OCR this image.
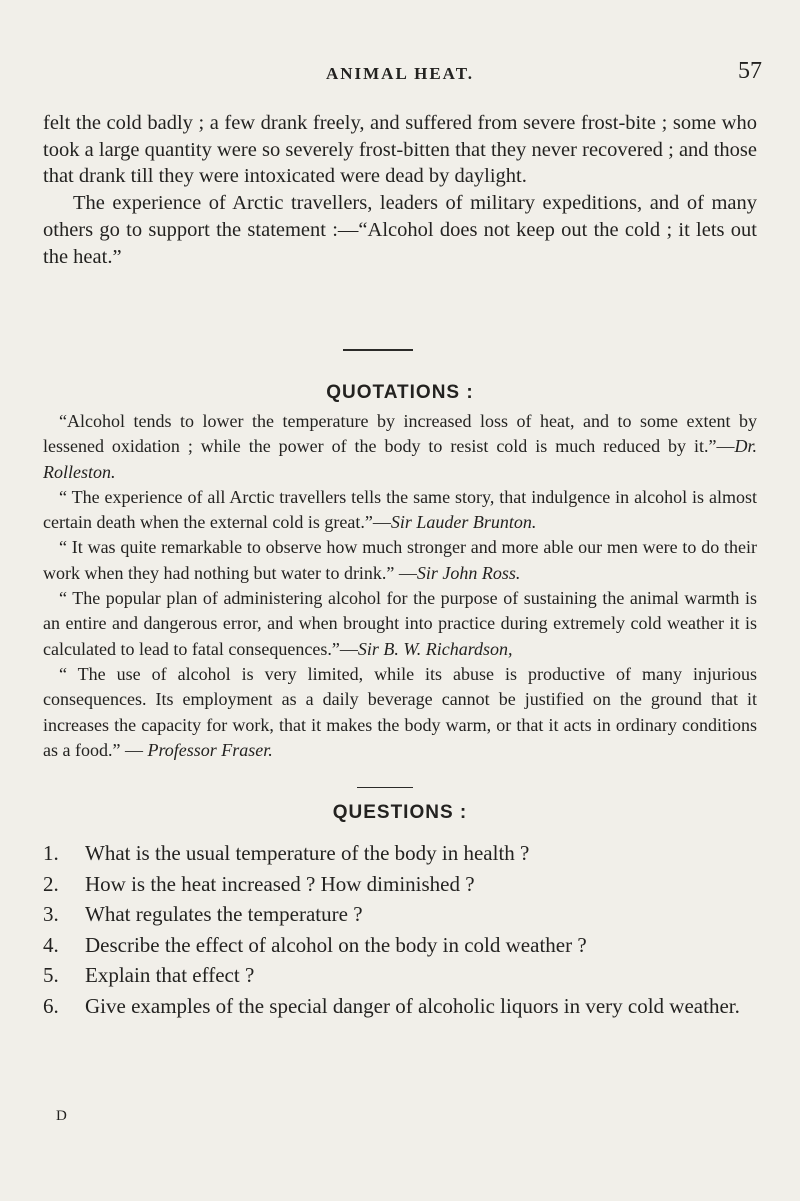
ANIMAL HEAT.	57

felt the cold badly ; a few drank freely, and suffered from severe frost-bite ; some who took a large quantity were so severely frost-bitten that they never recovered ; and those that drank till they were intoxicated were dead by daylight.

The experience of Arctic travellers, leaders of military expeditions, and of many others go to support the statement :—“Alcohol does not keep out the cold ; it lets out the heat.”

QUOTATIONS :

“Alcohol tends to lower the temperature by increased loss of heat, and to some extent by lessened oxidation ; while the power of the body to resist cold is much reduced by it.”—Dr. Rolleston.

“ The experience of all Arctic travellers tells the same story, that indulgence in alcohol is almost certain death when the external cold is great.”—Sir Lauder Brunton.

“ It was quite remarkable to observe how much stronger and more able our men were to do their work when they had nothing but water to drink.” —Sir John Ross.

“ The popular plan of administering alcohol for the purpose of sustaining the animal warmth is an entire and dangerous error, and when brought into practice during extremely cold weather it is calculated to lead to fatal consequences.”—Sir B. W. Richardson,

“ The use of alcohol is very limited, while its abuse is productive of many injurious consequences. Its employment as a daily beverage cannot be justified on the ground that it increases the capacity for work, that it makes the body warm, or that it acts in ordinary conditions as a food.” — Professor Fraser.

QUESTIONS :

1. What is the usual temperature of the body in health ?

2. How is the heat increased ? How diminished ?

3. What regulates the temperature ?

4. Describe the effect of alcohol on the body in cold weather ?

5. Explain that effect ?

6. Give examples of the special danger of alcoholic liquors in very cold weather.

D
